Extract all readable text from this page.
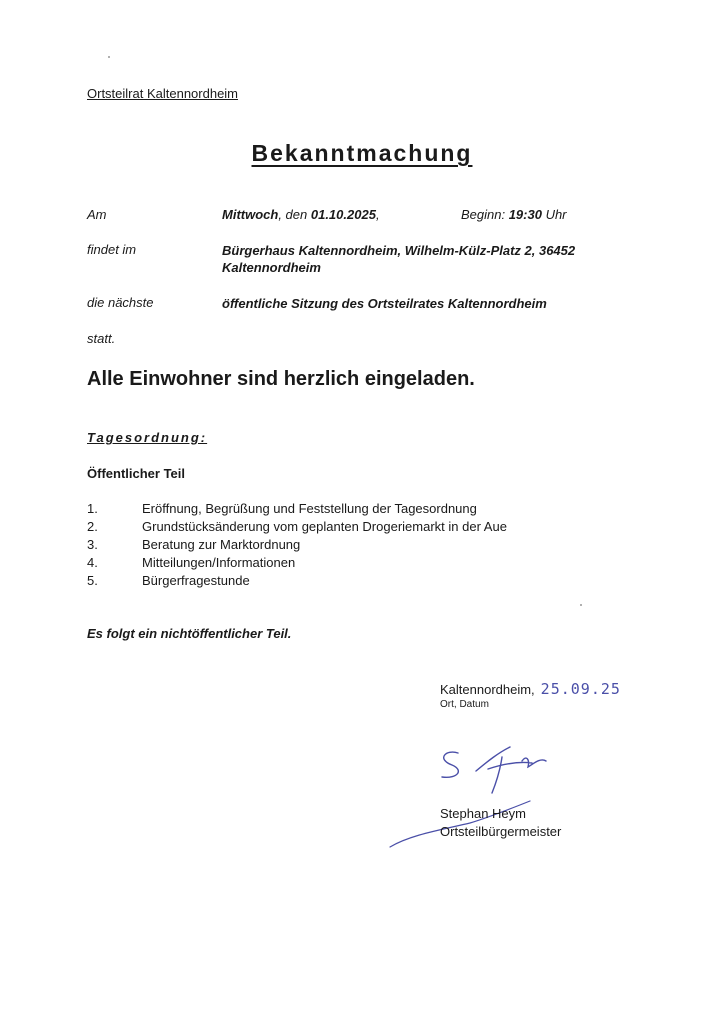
Ortsteilrat Kaltennordheim
Bekanntmachung
Am	Mittwoch, den 01.10.2025,	Beginn: 19:30 Uhr
findet im	Bürgerhaus Kaltennordheim, Wilhelm-Külz-Platz 2, 36452
Kaltennordheim
die nächste	öffentliche Sitzung des Ortsteilrates Kaltennordheim
statt.
Alle Einwohner sind herzlich eingeladen.
Tagesordnung:
Öffentlicher Teil
1.	Eröffnung, Begrüßung und Feststellung der Tagesordnung
2.	Grundstücksänderung vom geplanten Drogeriemarkt in der Aue
3.	Beratung zur Marktordnung
4.	Mitteilungen/Informationen
5.	Bürgerfragestunde
Es folgt ein nichtöffentlicher Teil.
Kaltennordheim, 25.09.25
Ort, Datum
Stephan Heym
Ortsteilbürgermeister
